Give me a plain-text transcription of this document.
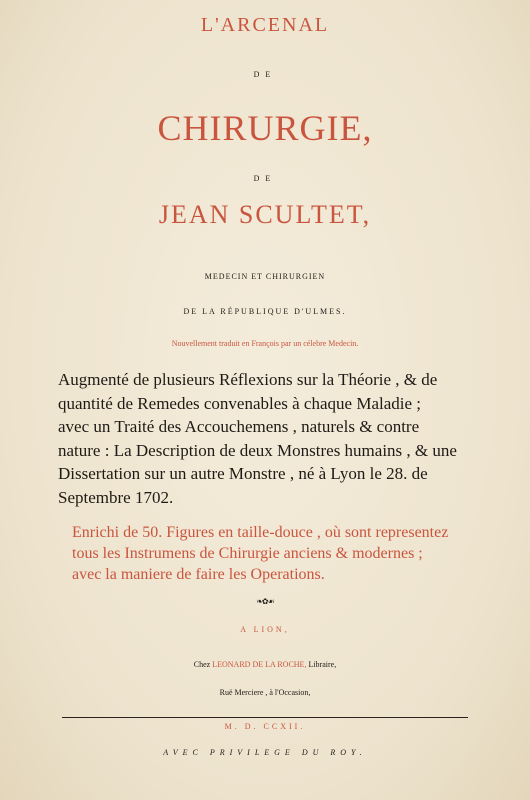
L'ARCENAL
DE
CHIRURGIE,
DE
JEAN SCULTET,
MEDECIN ET CHIRURGIEN
DE LA RÉPUBLIQUE D'ULMES.
Nouvellement traduit en François par un célebre Medecin.
Augmenté de plusieurs Réflexions sur la Théorie , & de
quantité de Remedes convenables à chaque Maladie ;
avec un Traité des Accouchemens , naturels & contre
nature : La Description de deux Monstres humains , & une
Dissertation sur un autre Monstre , né à Lyon le 28. de
Septembre 1702.
Enrichi de 50. Figures en taille-douce , où sont representez
tous les Instrumens de Chirurgie anciens & modernes ;
avec la maniere de faire les Operations.
❧✿☙
A LION,
Chez LEONARD DE LA ROCHE, Libraire,
Ruë Merciere , à l'Occasion,
M. D. CCXII.
AVEC PRIVILEGE DU ROY.
